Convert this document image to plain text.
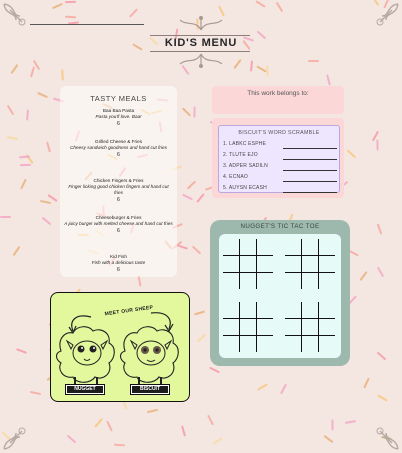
KID'S MENU
TASTY MEALS
Baa Baa Pasta
Pasta you'll love. Baa!
6
Grilled Cheese & Fries
Cheesy sandwich goodness and hand cut fries
6
Chicken Fingers & Fries
Finger licking good chicken fingers and hand cut fries
6
Cheeseburger & Fries
A juicy burger with melted cheese and hand cut fries
6
Kid Fish
Fish with a delicious taste
6
MEET OUR SHEEP
NUGGET	BISCUIT
This work belongs to:
BISCUIT'S WORD SCRAMBLE
1. LABKC ESPHE
2. TLUTE EJO
3. ADPER SADILN
4. ECNAO
5. AUYSN ECASH
NUGGET'S TIC TAC TOE
